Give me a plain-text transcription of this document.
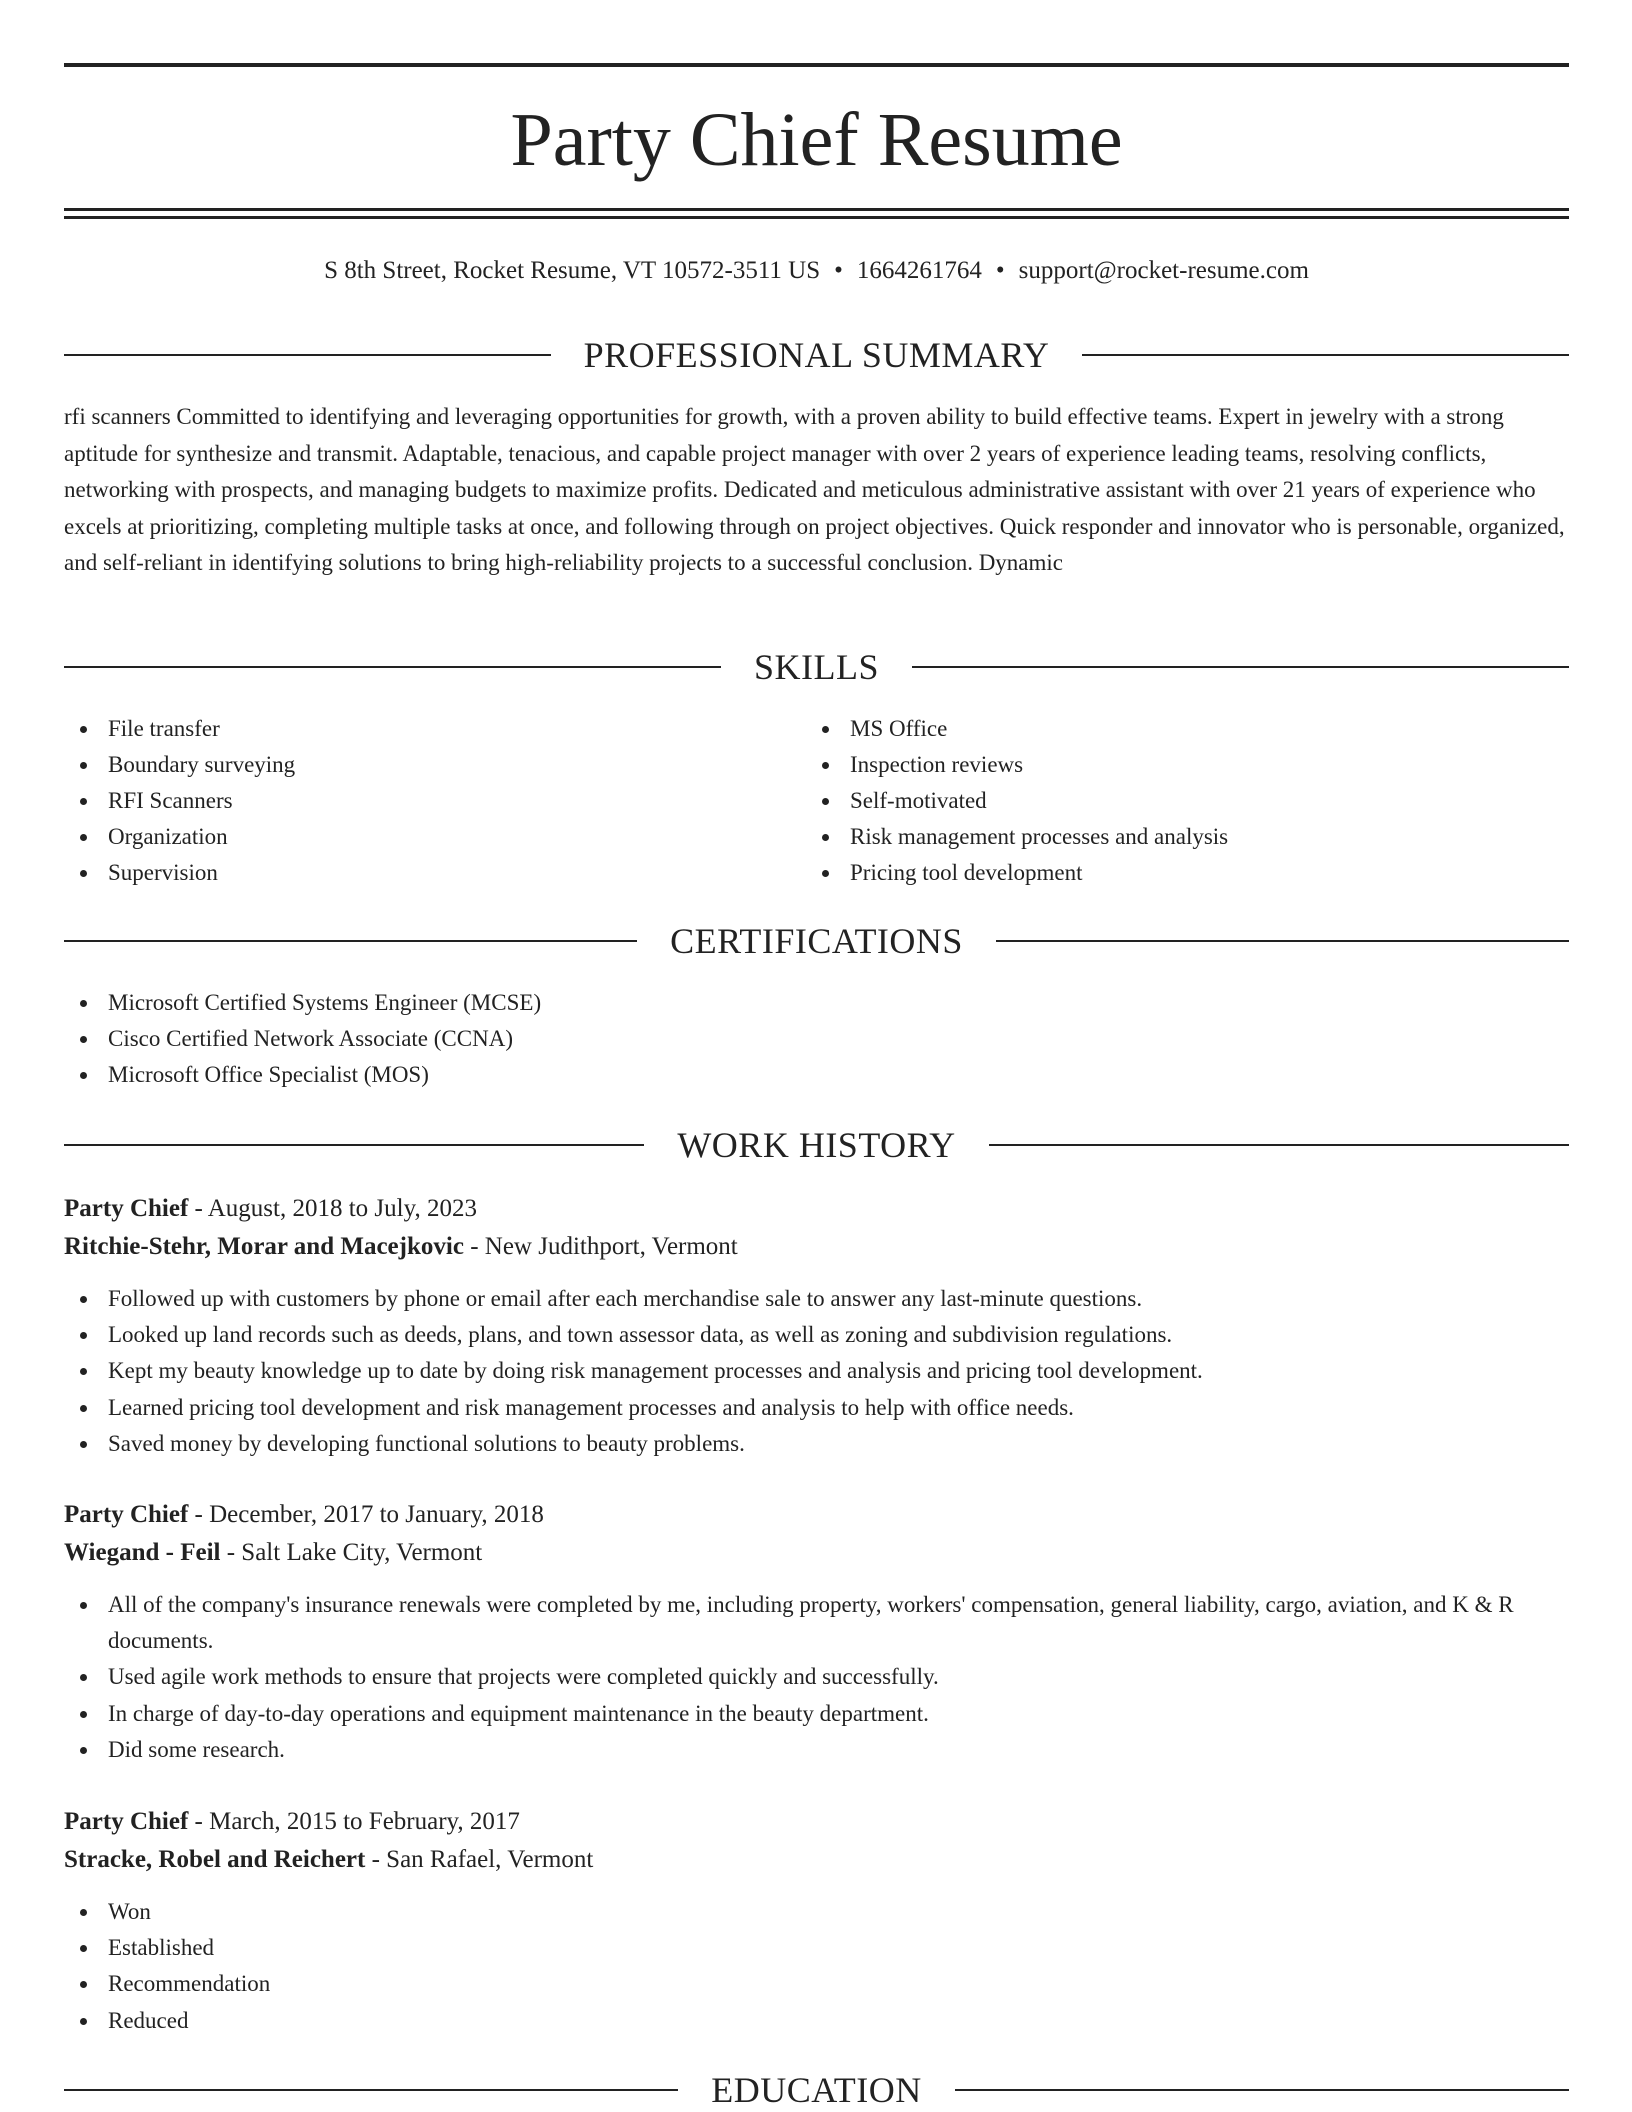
Party Chief Resume
S 8th Street, Rocket Resume, VT 10572-3511 US • 1664261764 • support@rocket-resume.com
PROFESSIONAL SUMMARY

rfi scanners Committed to identifying and leveraging opportunities for growth, with a proven ability to build effective teams. Expert in jewelry with a strong aptitude for synthesize and transmit. Adaptable, tenacious, and capable project manager with over 2 years of experience leading teams, resolving conflicts, networking with prospects, and managing budgets to maximize profits. Dedicated and meticulous administrative assistant with over 21 years of experience who excels at prioritizing, completing multiple tasks at once, and following through on project objectives. Quick responder and innovator who is personable, organized, and self-reliant in identifying solutions to bring high-reliability projects to a successful conclusion. Dynamic

SKILLS
File transfer
Boundary surveying
RFI Scanners
Organization
Supervision
MS Office
Inspection reviews
Self-motivated
Risk management processes and analysis
Pricing tool development
CERTIFICATIONS
Microsoft Certified Systems Engineer (MCSE)
Cisco Certified Network Associate (CCNA)
Microsoft Office Specialist (MOS)
WORK HISTORY
Party Chief - August, 2018 to July, 2023
Ritchie-Stehr, Morar and Macejkovic - New Judithport, Vermont
Followed up with customers by phone or email after each merchandise sale to answer any last-minute questions.
Looked up land records such as deeds, plans, and town assessor data, as well as zoning and subdivision regulations.
Kept my beauty knowledge up to date by doing risk management processes and analysis and pricing tool development.
Learned pricing tool development and risk management processes and analysis to help with office needs.
Saved money by developing functional solutions to beauty problems.
Party Chief - December, 2017 to January, 2018
Wiegand - Feil - Salt Lake City, Vermont
All of the company's insurance renewals were completed by me, including property, workers' compensation, general liability, cargo, aviation, and K & R documents.
Used agile work methods to ensure that projects were completed quickly and successfully.
In charge of day-to-day operations and equipment maintenance in the beauty department.
Did some research.
Party Chief - March, 2015 to February, 2017
Stracke, Robel and Reichert - San Rafael, Vermont
Won
Established
Recommendation
Reduced
EDUCATION
